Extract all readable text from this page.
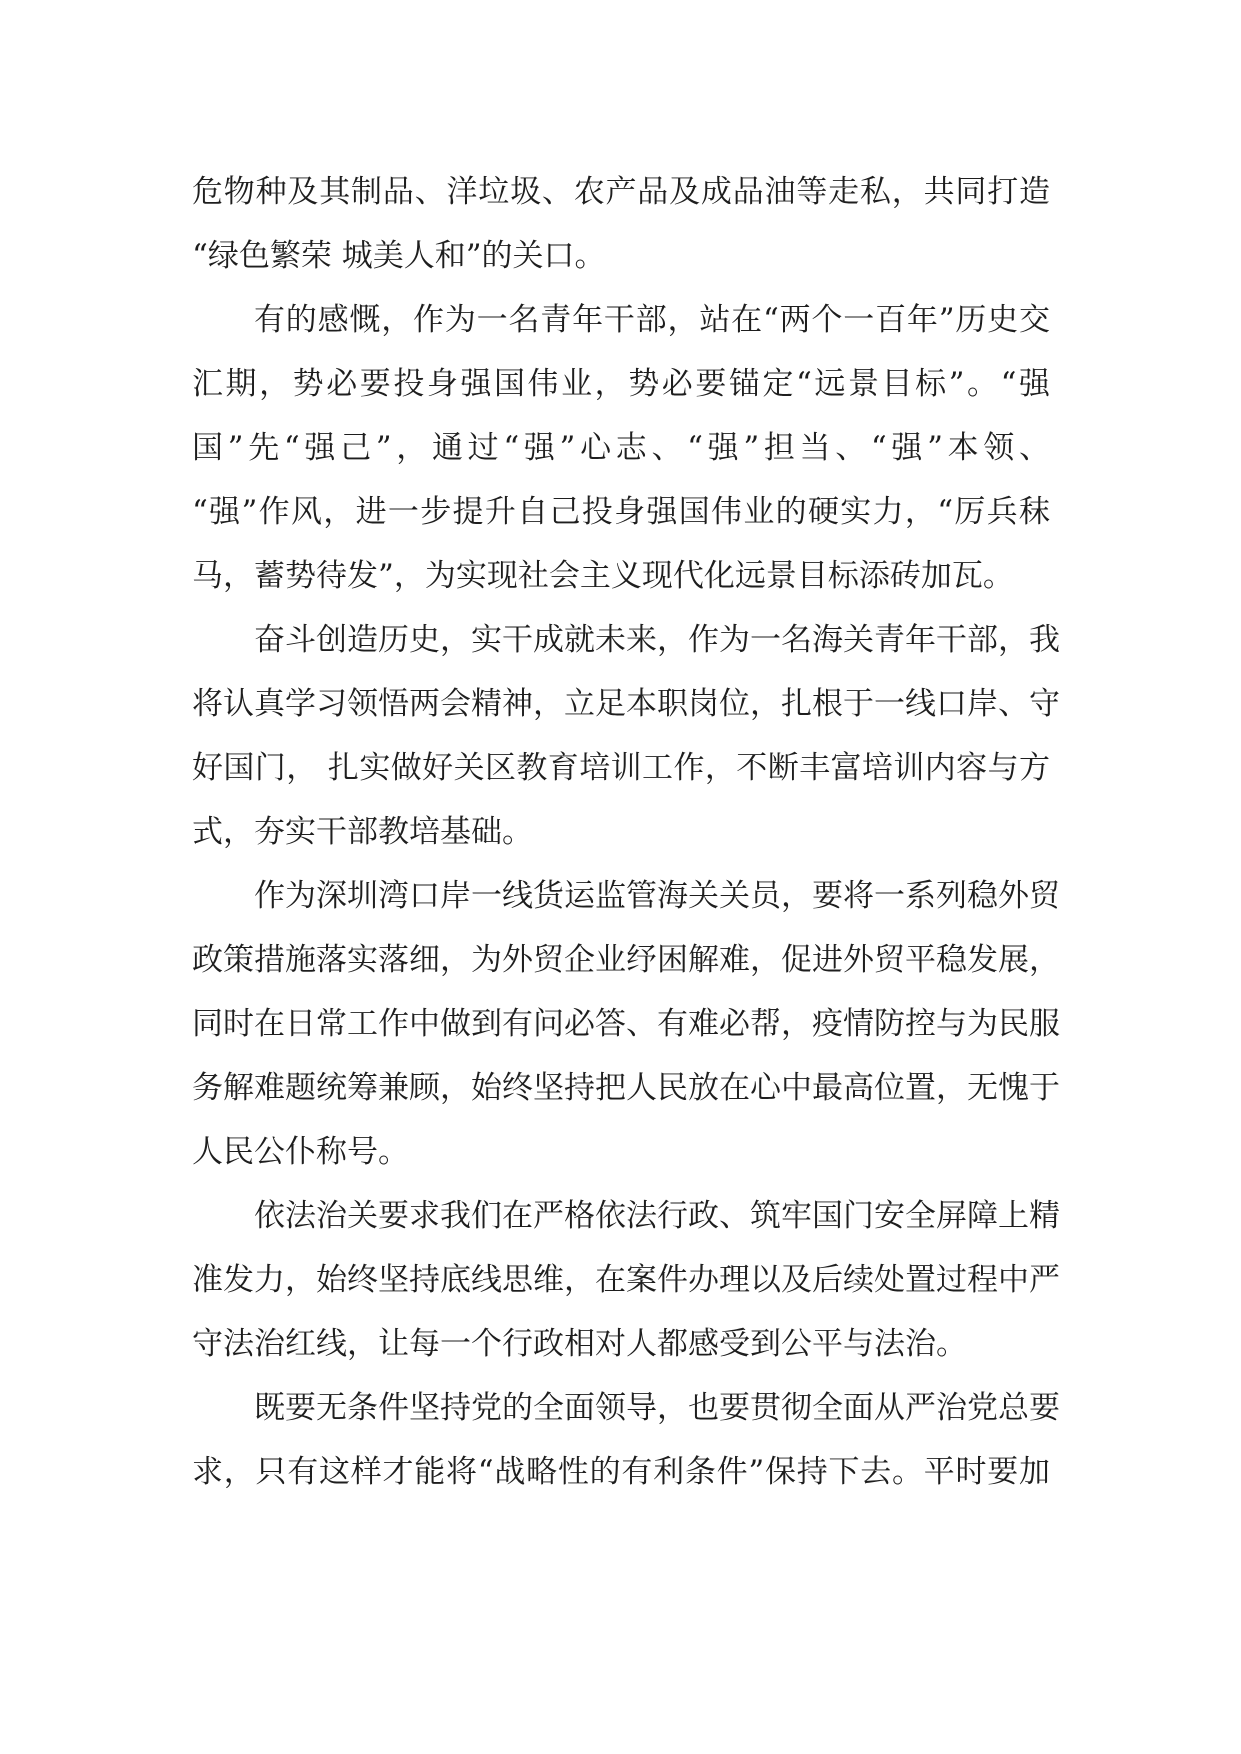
危物种及其制品、洋垃圾、农产品及成品油等走私，共同打造
“绿色繁荣 城美人和”的关口。
有的感慨，作为一名青年干部，站在“两个一百年”历史交
汇期，势必要投身强国伟业，势必要锚定“远景目标”。“强
国”先“强己”，通过“强”心志、“强”担当、“强”本领、
“强”作风，进一步提升自己投身强国伟业的硬实力，“厉兵秣
马，蓄势待发”，为实现社会主义现代化远景目标添砖加瓦。
奋斗创造历史，实干成就未来，作为一名海关青年干部，我
将认真学习领悟两会精神，立足本职岗位，扎根于一线口岸、守
好国门， 扎实做好关区教育培训工作，不断丰富培训内容与方
式，夯实干部教培基础。
作为深圳湾口岸一线货运监管海关关员，要将一系列稳外贸
政策措施落实落细，为外贸企业纾困解难，促进外贸平稳发展，
同时在日常工作中做到有问必答、有难必帮，疫情防控与为民服
务解难题统筹兼顾，始终坚持把人民放在心中最高位置，无愧于
人民公仆称号。
依法治关要求我们在严格依法行政、筑牢国门安全屏障上精
准发力，始终坚持底线思维，在案件办理以及后续处置过程中严
守法治红线，让每一个行政相对人都感受到公平与法治。
既要无条件坚持党的全面领导，也要贯彻全面从严治党总要
求，只有这样才能将“战略性的有利条件”保持下去。平时要加
